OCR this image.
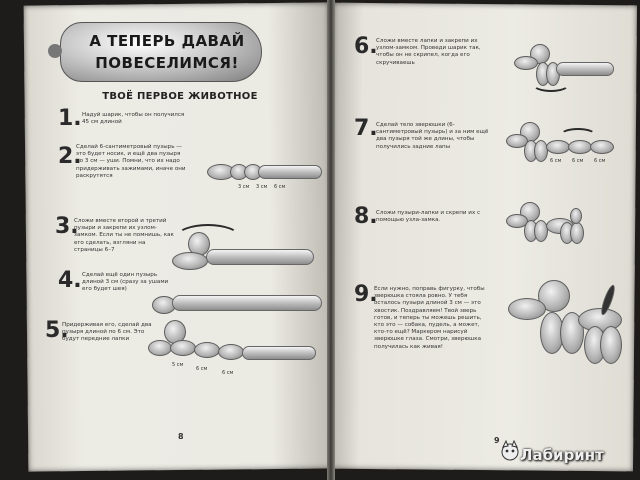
А ТЕПЕРЬ ДАВАЙ ПОВЕСЕЛИМСЯ!
ТВОЁ ПЕРВОЕ ЖИВОТНОЕ
1. Надуй шарик, чтобы он получился 45 см длиной
2.
Сделай 6-сантиметровый пузырь — это будет носик, и ещё два пузыря по 3 см — уши. Помни, что их надо придерживать зажимами, иначе они раскрутятся
3 см 3 см 6 см
3.
Сложи вместе второй и третий пузыри и закрепи их узлом-замком. Если ты не помнишь, как его сделать, взгляни на страницы 6–7
4. Сделай ещё один пузырь длиной 3 см (сразу за ушами его будет шея)
5.
Придерживая его, сделай два пузыря длиной по 6 см. Это будут передние лапки
5 см
6 см
6 см
8
6.
Сложи вместе лапки и закрепи их узлом-замком. Проведи шарик так, чтобы он не скрипел, когда его скручиваешь
7.
Сделай тело зверюшки (6-сантиметровый пузырь) и за ним ещё два пузыря той же длины, чтобы получились задние лапы
6 см 6 см 6 см
8.
Сложи пузыри-лапки и скрепи их с помощью узла-замка.
9.
Если нужно, поправь фигурку, чтобы зверюшка стояла ровно. У тебя осталось пузыри длиной 3 см — это хвостик. Поздравляем! Твой зверь готов, и теперь ты можешь решить, кто это — собака, пудель, а может, кто-то ещё? Маркером нарисуй зверюшке глаза. Смотри, зверюшка получилась как живая!
9
Лабиринт
